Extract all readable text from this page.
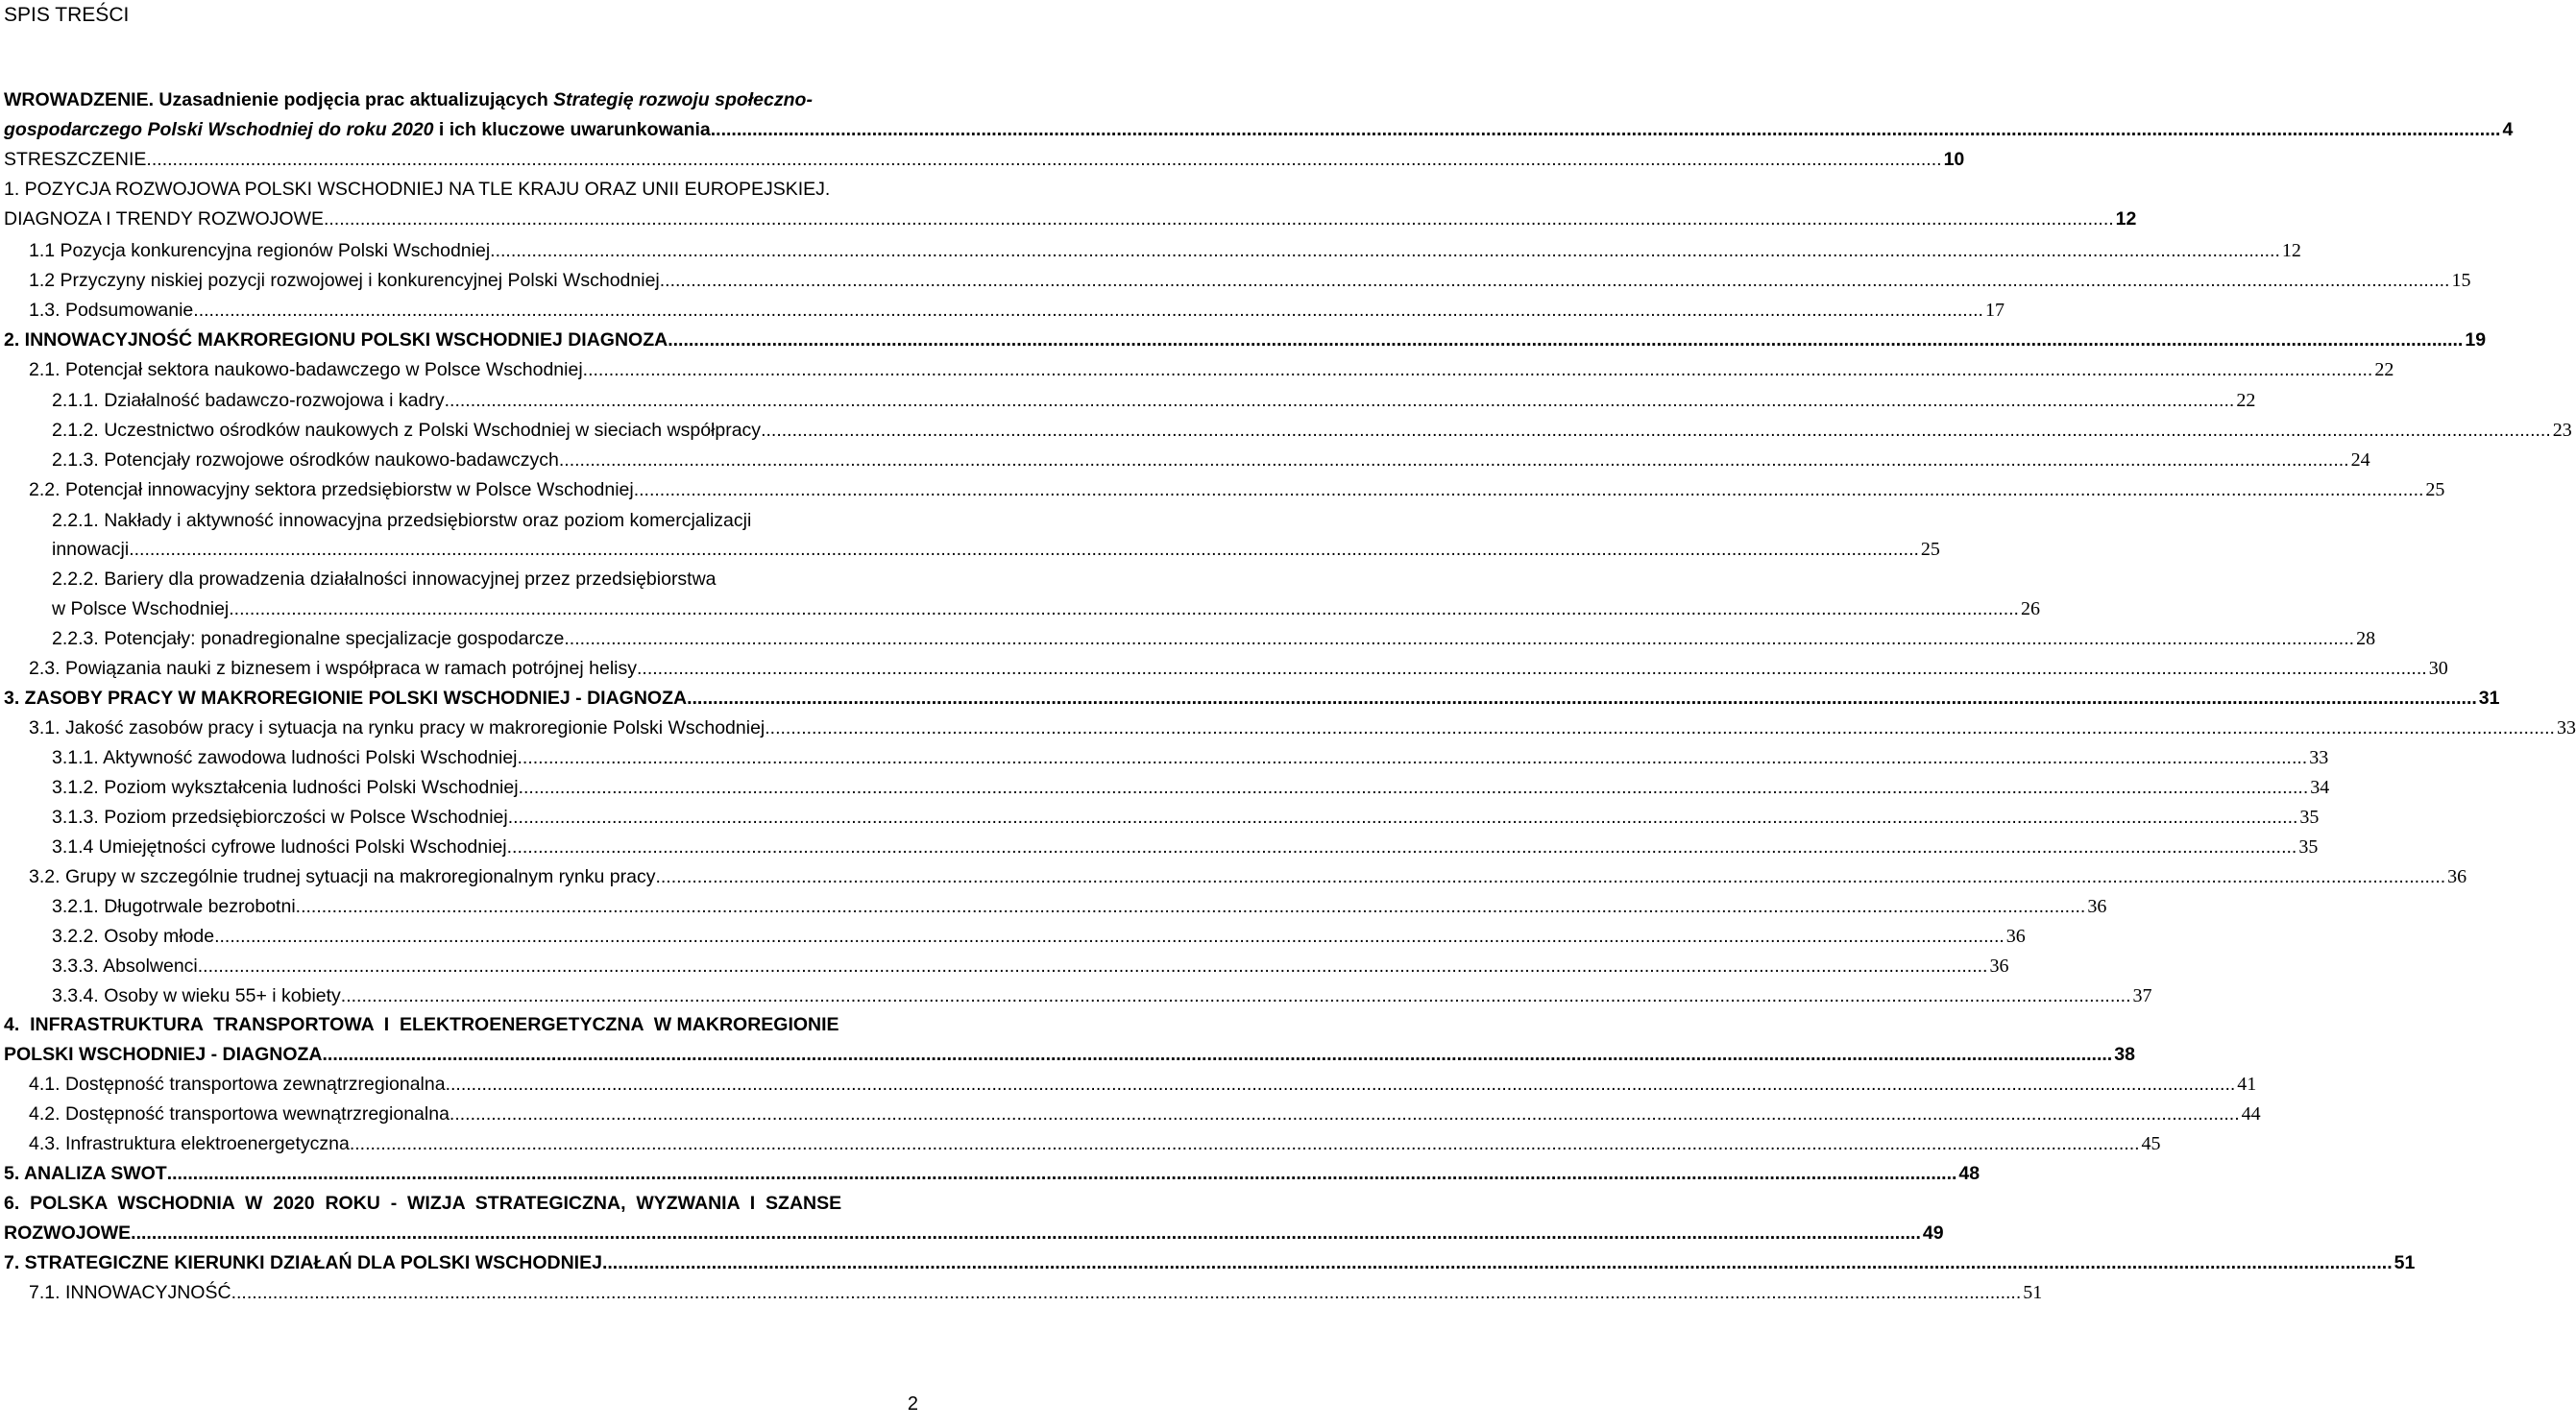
SPIS TREŚCI
WROWADZENIE. Uzasadnienie podjęcia prac aktualizujących Strategię rozwoju społeczno-
gospodarczego Polski Wschodniej do roku 2020 i ich kluczowe uwarunkowania .....	4
STRESZCZENIE. .....	10
1. POZYCJA ROZWOJOWA POLSKI WSCHODNIEJ NA TLE KRAJU ORAZ UNII EUROPEJSKIEJ.
DIAGNOZA I TRENDY ROZWOJOWE .....	12
1.1 Pozycja konkurencyjna regionów Polski Wschodniej .....	12
1.2 Przyczyny niskiej pozycji rozwojowej i konkurencyjnej Polski Wschodniej .....	15
1.3. Podsumowanie .....	17
2. INNOWACYJNOŚĆ MAKROREGIONU POLSKI WSCHODNIEJ DIAGNOZA. .....	19
2.1. Potencjał sektora naukowo-badawczego w Polsce Wschodniej .....	22
2.1.1. Działalność badawczo-rozwojowa i kadry .....	22
2.1.2. Uczestnictwo ośrodków naukowych z Polski Wschodniej w sieciach współpracy .....	23
2.1.3. Potencjały rozwojowe ośrodków naukowo-badawczych .....	24
2.2. Potencjał innowacyjny sektora przedsiębiorstw w Polsce Wschodniej .....	25
2.2.1. Nakłady i aktywność innowacyjna przedsiębiorstw oraz poziom komercjalizacji
innowacji .....	25
2.2.2. Bariery dla prowadzenia działalności innowacyjnej przez przedsiębiorstwa
w Polsce Wschodniej .....	26
2.2.3. Potencjały: ponadregionalne specjalizacje gospodarcze .....	28
2.3. Powiązania nauki z biznesem i współpraca w ramach potrójnej helisy .....	30
3. ZASOBY PRACY W MAKROREGIONIE POLSKI WSCHODNIEJ - DIAGNOZA .....	31
3.1. Jakość zasobów pracy i sytuacja na rynku pracy w makroregionie Polski Wschodniej .....	33
3.1.1. Aktywność zawodowa ludności Polski Wschodniej .....	33
3.1.2. Poziom wykształcenia ludności Polski Wschodniej .....	34
3.1.3. Poziom przedsiębiorczości w Polsce Wschodniej .....	35
3.1.4 Umiejętności cyfrowe ludności Polski Wschodniej .....	35
3.2. Grupy w szczególnie trudnej sytuacji na makroregionalnym rynku pracy .....	36
3.2.1. Długotrwale bezrobotni .....	36
3.2.2. Osoby młode .....	36
3.3.3. Absolwenci .....	36
3.3.4. Osoby w wieku 55+ i kobiety .....	37
4.  INFRASTRUKTURA  TRANSPORTOWA  I  ELEKTROENERGETYCZNA  W MAKROREGIONIE
POLSKI WSCHODNIEJ - DIAGNOZA .....	38
4.1. Dostępność transportowa zewnątrzregionalna .....	41
4.2. Dostępność transportowa wewnątrzregionalna .....	44
4.3. Infrastruktura elektroenergetyczna .....	45
5. ANALIZA SWOT .....	48
6.  POLSKA  WSCHODNIA  W  2020  ROKU  -  WIZJA  STRATEGICZNA,  WYZWANIA  I  SZANSE
ROZWOJOWE .....	49
7. STRATEGICZNE KIERUNKI DZIAŁAŃ DLA POLSKI WSCHODNIEJ .....	51
7.1. INNOWACYJNOŚĆ .....	51
2
